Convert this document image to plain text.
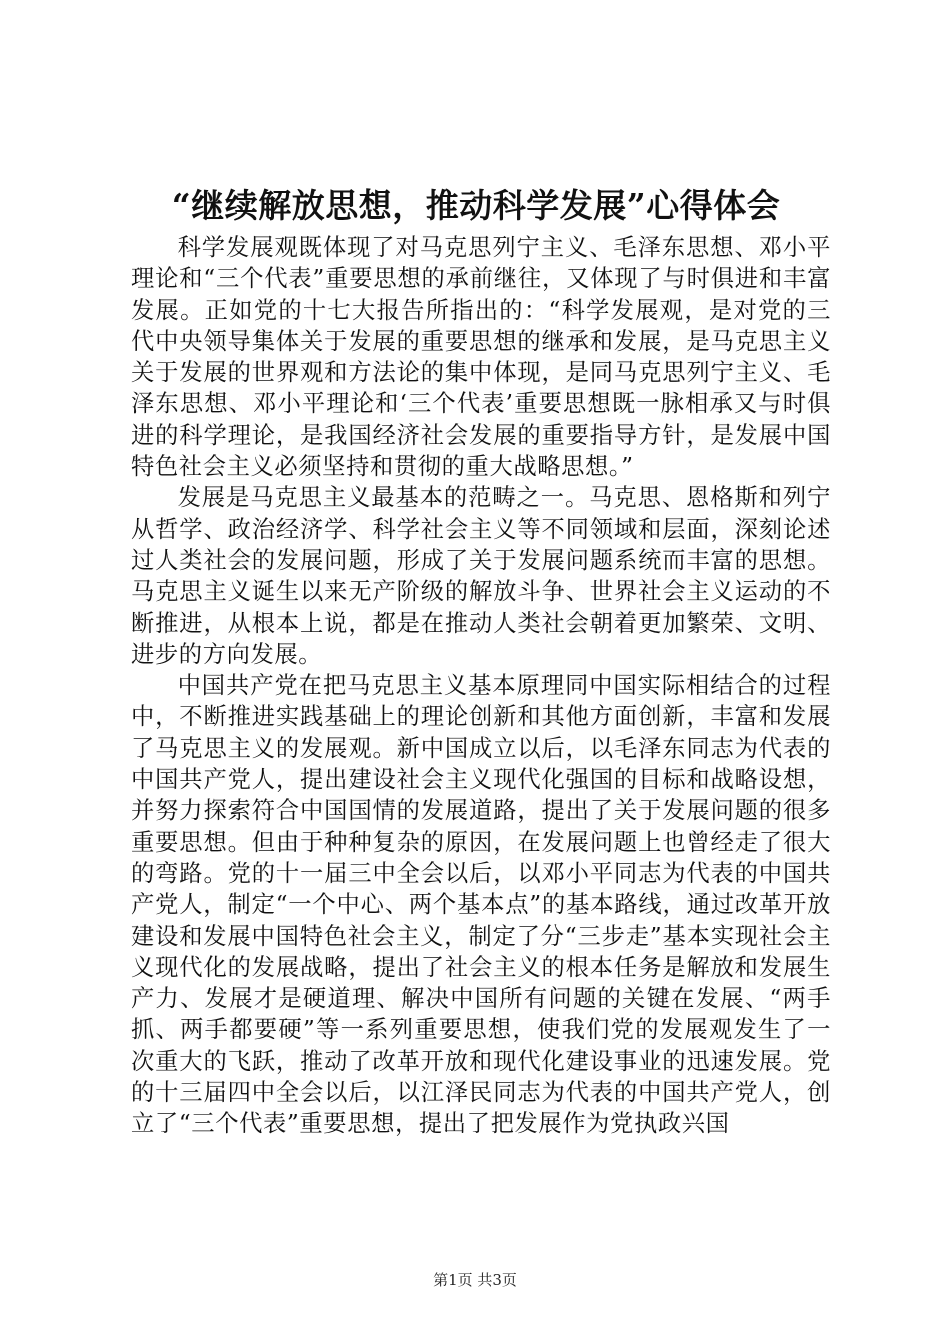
“继续解放思想，推动科学发展”心得体会

科学发展观既体现了对马克思列宁主义、毛泽东思想、邓小平理论和“三个代表”重要思想的承前继往，又体现了与时俱进和丰富发展。正如党的十七大报告所指出的：“科学发展观，是对党的三代中央领导集体关于发展的重要思想的继承和发展，是马克思主义关于发展的世界观和方法论的集中体现，是同马克思列宁主义、毛泽东思想、邓小平理论和‘三个代表’重要思想既一脉相承又与时俱进的科学理论，是我国经济社会发展的重要指导方针，是发展中国特色社会主义必须坚持和贯彻的重大战略思想。”

发展是马克思主义最基本的范畴之一。马克思、恩格斯和列宁从哲学、政治经济学、科学社会主义等不同领域和层面，深刻论述过人类社会的发展问题，形成了关于发展问题系统而丰富的思想。马克思主义诞生以来无产阶级的解放斗争、世界社会主义运动的不断推进，从根本上说，都是在推动人类社会朝着更加繁荣、文明、进步的方向发展。

中国共产党在把马克思主义基本原理同中国实际相结合的过程中，不断推进实践基础上的理论创新和其他方面创新，丰富和发展了马克思主义的发展观。新中国成立以后，以毛泽东同志为代表的中国共产党人，提出建设社会主义现代化强国的目标和战略设想，并努力探索符合中国国情的发展道路，提出了关于发展问题的很多重要思想。但由于种种复杂的原因，在发展问题上也曾经走了很大的弯路。党的十一届三中全会以后，以邓小平同志为代表的中国共产党人，制定“一个中心、两个基本点”的基本路线，通过改革开放建设和发展中国特色社会主义，制定了分“三步走”基本实现社会主义现代化的发展战略，提出了社会主义的根本任务是解放和发展生产力、发展才是硬道理、解决中国所有问题的关键在发展、“两手抓、两手都要硬”等一系列重要思想，使我们党的发展观发生了一次重大的飞跃，推动了改革开放和现代化建设事业的迅速发展。党的十三届四中全会以后，以江泽民同志为代表的中国共产党人，创立了“三个代表”重要思想，提出了把发展作为党执政兴国

第1页 共3页
